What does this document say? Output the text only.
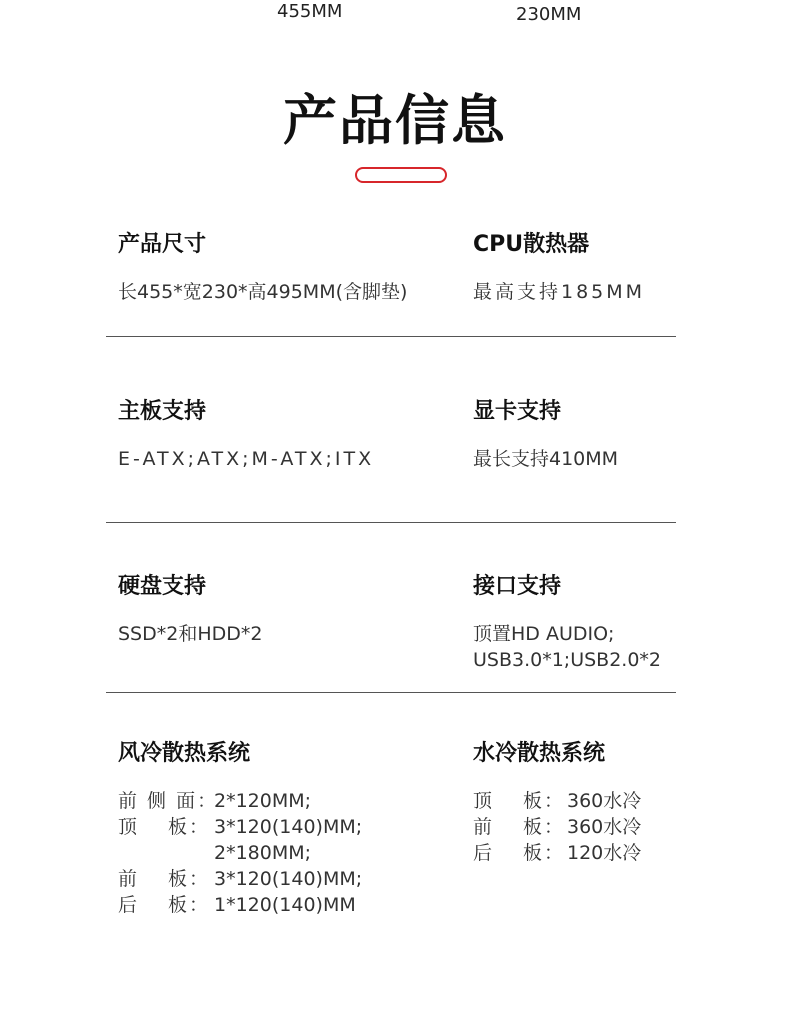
455MM	230MM
产品信息

产品尺寸

长455*宽230*高495MM(含脚垫)

CPU散热器

最高支持185MM

主板支持

E-ATX;ATX;M-ATX;ITX

显卡支持

最长支持410MM

硬盘支持

SSD*2和HDD*2

接口支持

顶置HD AUDIO;

USB3.0*1;USB2.0*2

风冷散热系统

前 侧 面：
2*120MM;
顶　 板： 3*120(140)MM;
2*180MM;
前　 板： 3*120(140)MM;
后　 板： 1*120(140)MM

水冷散热系统

顶　 板： 360水冷
前　 板： 360水冷
后　 板： 120水冷
